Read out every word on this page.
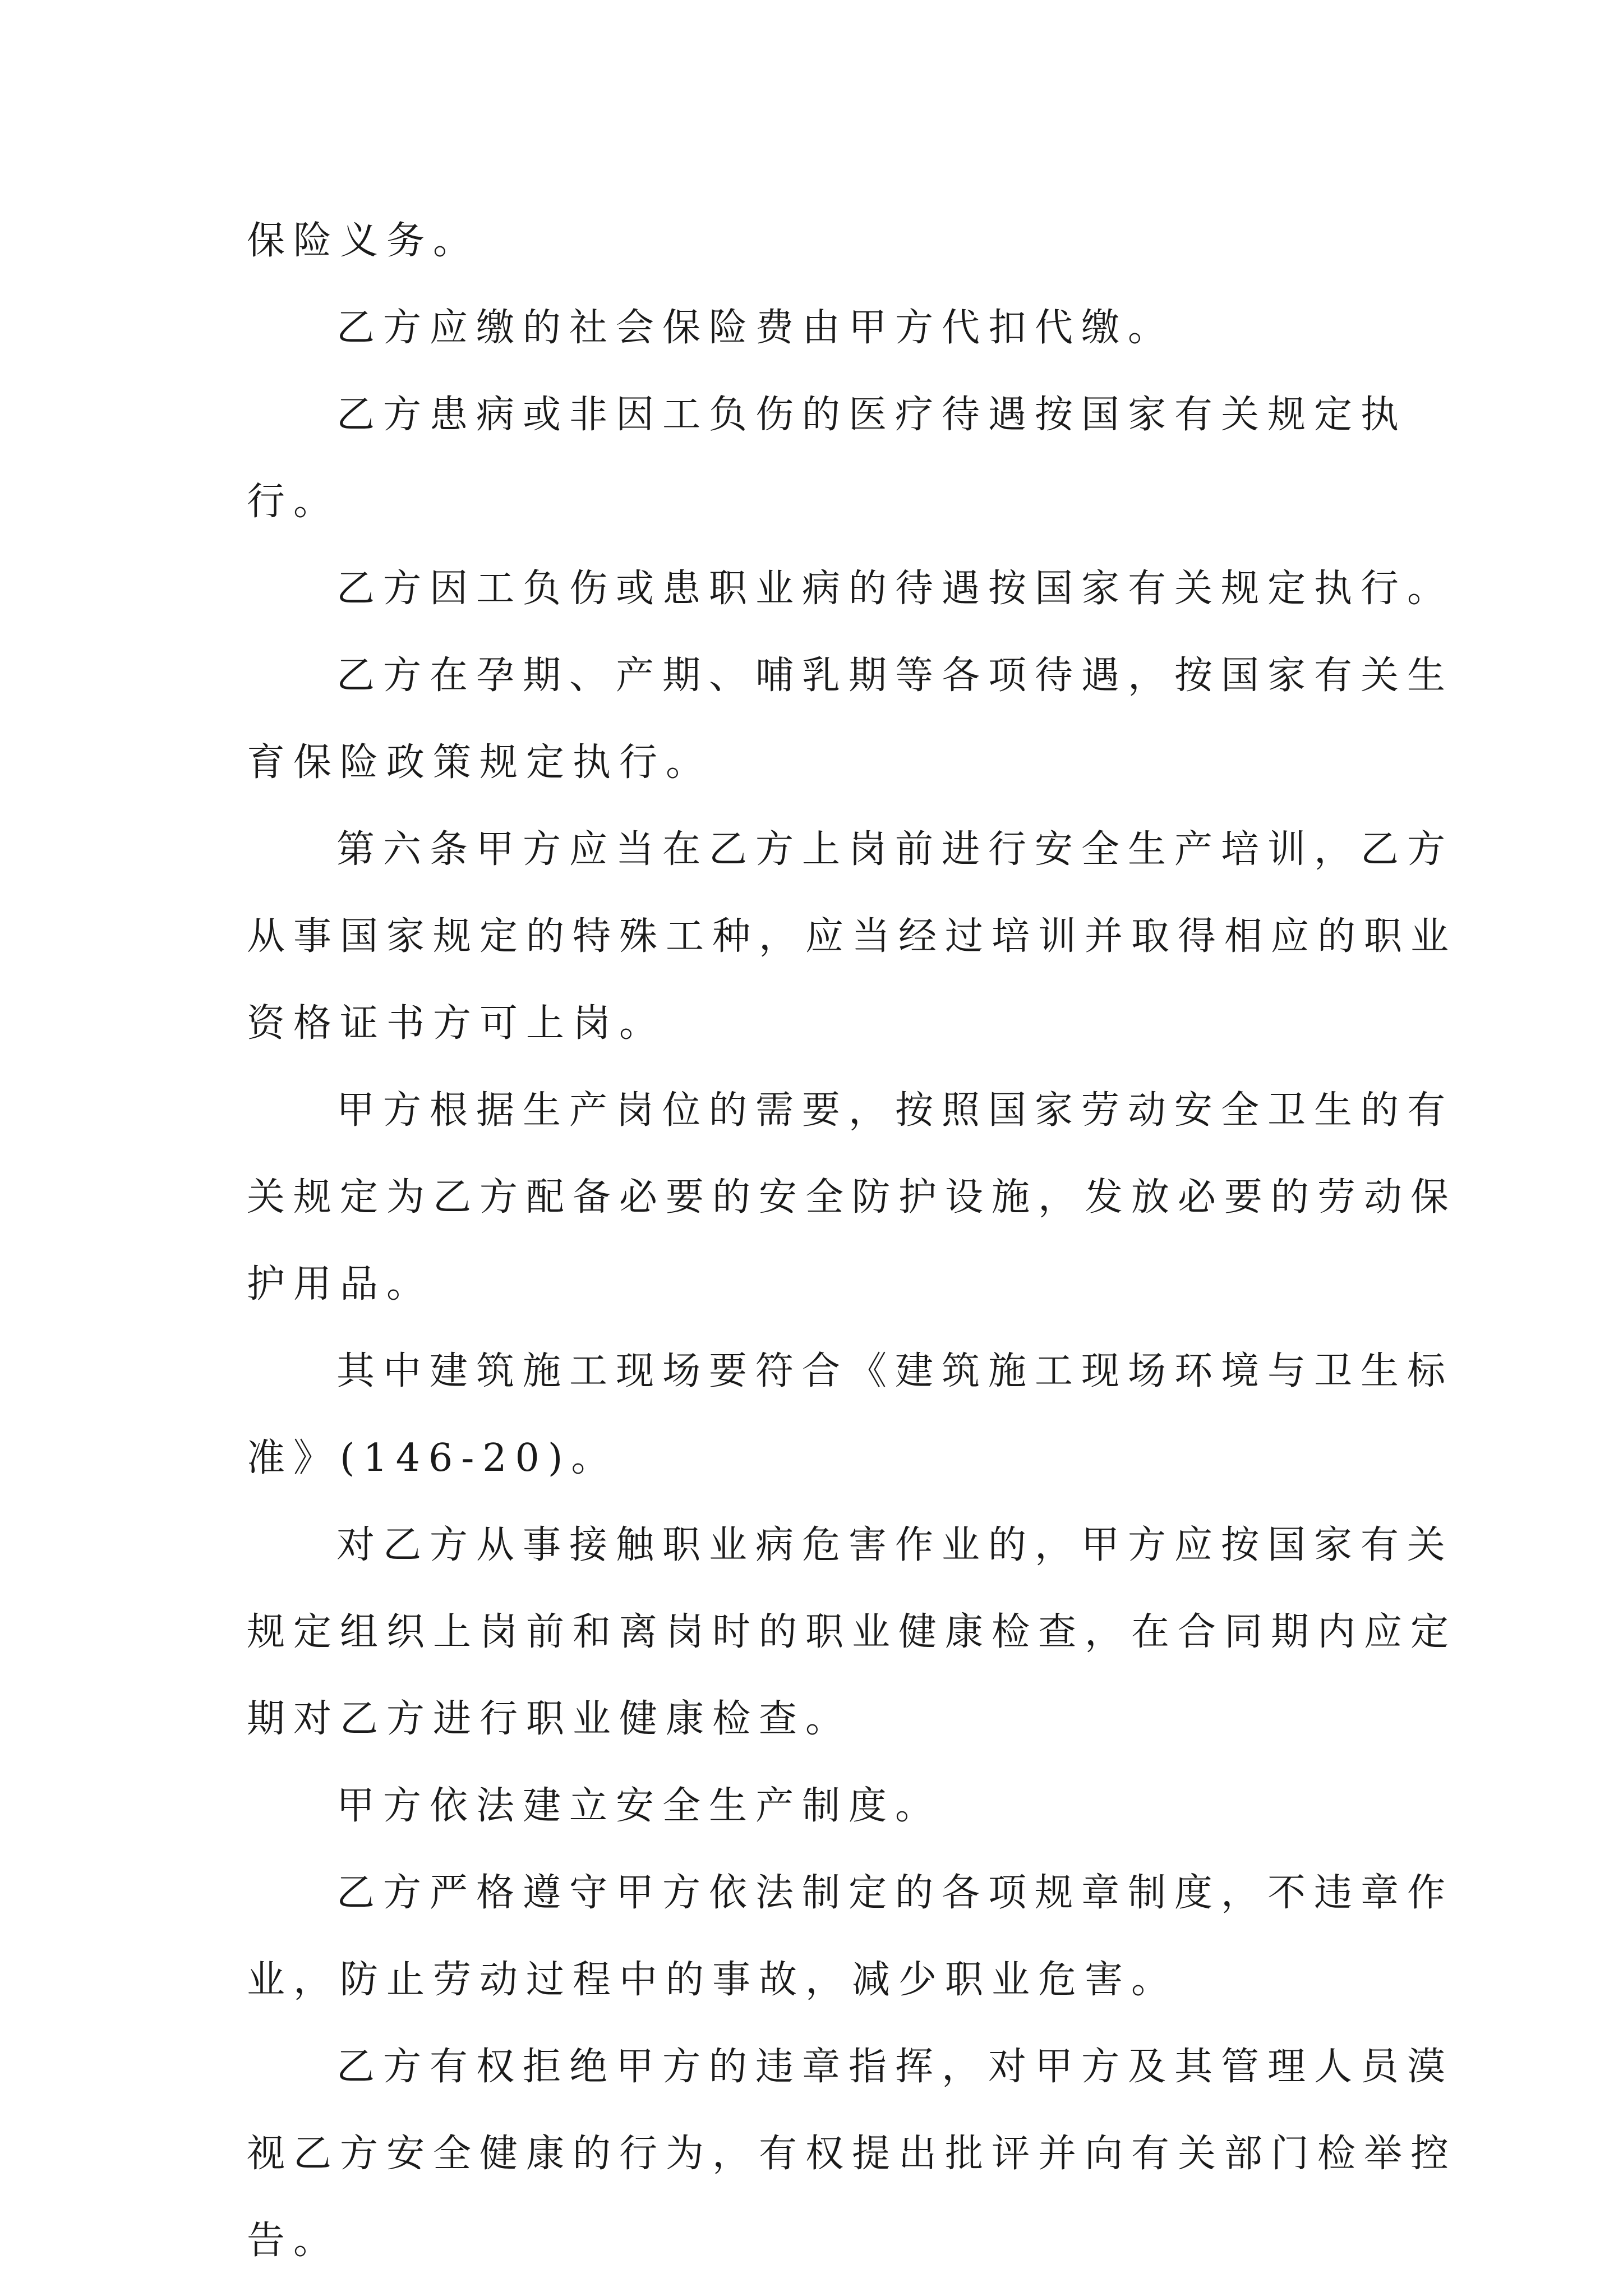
保险义务。
乙方应缴的社会保险费由甲方代扣代缴。
乙方患病或非因工负伤的医疗待遇按国家有关规定执
行。
乙方因工负伤或患职业病的待遇按国家有关规定执行。
乙方在孕期、产期、哺乳期等各项待遇，按国家有关生
育保险政策规定执行。
第六条甲方应当在乙方上岗前进行安全生产培训，乙方
从事国家规定的特殊工种，应当经过培训并取得相应的职业
资格证书方可上岗。
甲方根据生产岗位的需要，按照国家劳动安全卫生的有
关规定为乙方配备必要的安全防护设施，发放必要的劳动保
护用品。
其中建筑施工现场要符合《建筑施工现场环境与卫生标
准》(146-20)。
对乙方从事接触职业病危害作业的，甲方应按国家有关
规定组织上岗前和离岗时的职业健康检查，在合同期内应定
期对乙方进行职业健康检查。
甲方依法建立安全生产制度。
乙方严格遵守甲方依法制定的各项规章制度，不违章作
业，防止劳动过程中的事故，减少职业危害。
乙方有权拒绝甲方的违章指挥，对甲方及其管理人员漠
视乙方安全健康的行为，有权提出批评并向有关部门检举控
告。
